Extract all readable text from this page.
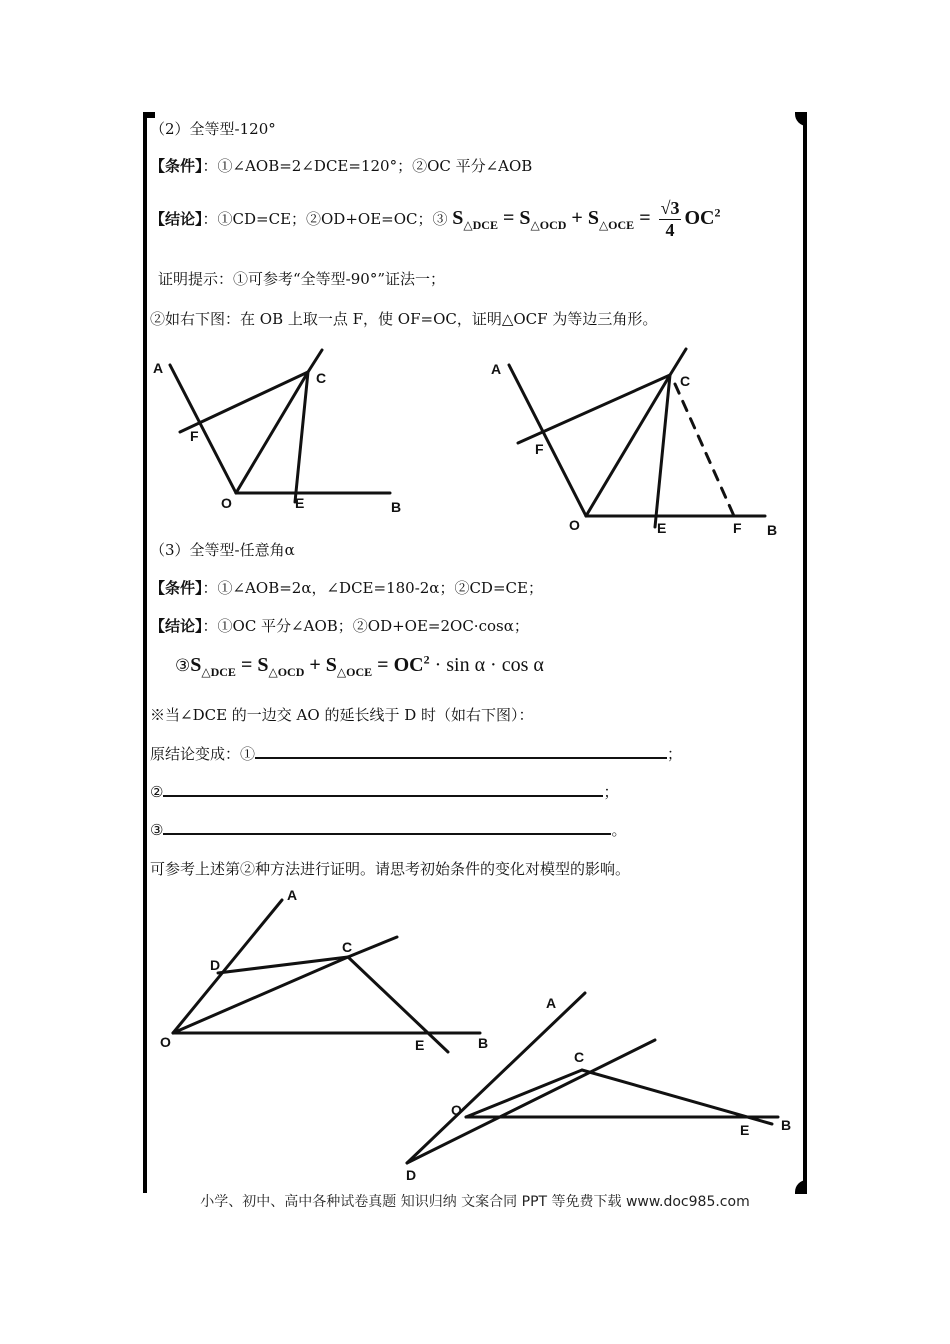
（2）全等型-120°
【条件】：①∠AOB=2∠DCE=120°；②OC 平分∠AOB
【结论】：①CD=CE；②OD+OE=OC；③ $S_{\triangle DCE} = S_{\triangle OCD} + S_{\triangle OCE} = \frac{√3}{4} OC^2$
证明提示：①可参考“全等型-90°”证法一；
②如右下图：在 OB 上取一点 F，使 OF=OC，证明△OCF 为等边三角形。
A
C
F
O	E	B
A
C
F
O	E	F B
（3）全等型-任意角α
【条件】：①∠AOB=2α，∠DCE=180-2α；②CD=CE；
【结论】：①OC 平分∠AOB；②OD+OE=2OC·cosα；
$③S_{\triangle DCE} = S_{\triangle OCD} + S_{\triangle OCE} = OC^2 \cdot \sin \alpha \cdot \cos \alpha$
※当∠DCE 的一边交 AO 的延长线于 D 时（如右下图）：
原结论变成：①	；
②	；
③	。
可参考上述第②种方法进行证明。请思考初始条件的变化对模型的影响。
A
D
C
O	E	B
A
C
O
E B
D
小学、初中、高中各种试卷真题 知识归纳 文案合同 PPT 等免费下载 www.doc985.com
